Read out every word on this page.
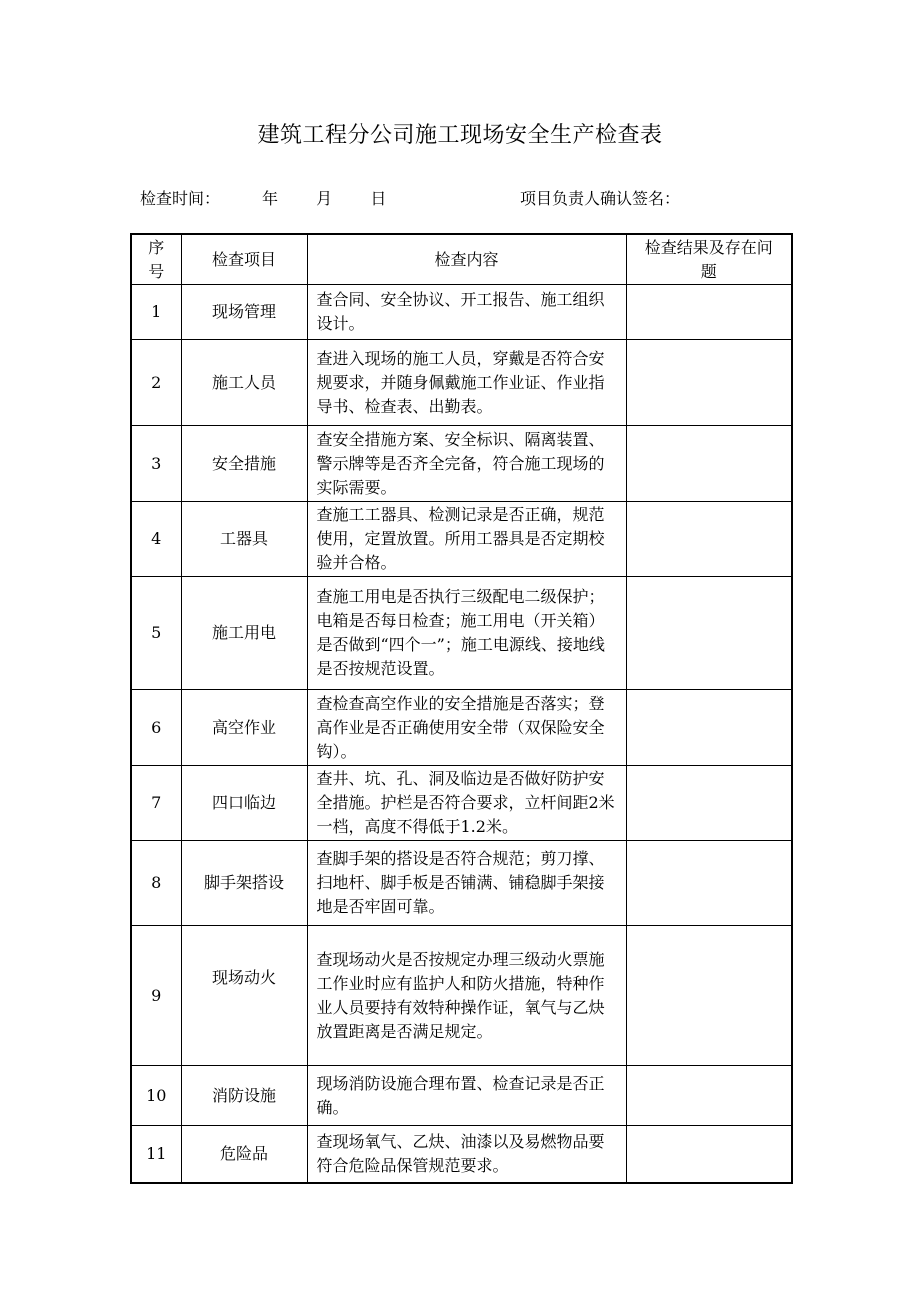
建筑工程分公司施工现场安全生产检查表
检查时间：	年  月  日	项目负责人确认签名：
序号	检查项目	检查内容	检查结果及存在问题
1	现场管理	查合同、安全协议、开工报告、施工组织设计。	
2	施工人员	查进入现场的施工人员，穿戴是否符合安规要求，并随身佩戴施工作业证、作业指导书、检查表、出勤表。	
3	安全措施	查安全措施方案、安全标识、隔离装置、警示牌等是否齐全完备，符合施工现场的实际需要。	
4	工器具	查施工工器具、检测记录是否正确，规范使用，定置放置。所用工器具是否定期校验并合格。	
5	施工用电	查施工用电是否执行三级配电二级保护；电箱是否每日检查；施工用电（开关箱）是否做到“四个一”；施工电源线、接地线是否按规范设置。	
6	高空作业	查检查高空作业的安全措施是否落实；登高作业是否正确使用安全带（双保险安全钩）。	
7	四口临边	查井、坑、孔、洞及临边是否做好防护安全措施。护栏是否符合要求，立杆间距2米一档，高度不得低于1.2米。	
8	脚手架搭设	查脚手架的搭设是否符合规范；剪刀撑、扫地杆、脚手板是否铺满、铺稳脚手架接地是否牢固可靠。	
9	现场动火	查现场动火是否按规定办理三级动火票施工作业时应有监护人和防火措施，特种作业人员要持有效特种操作证，氧气与乙炔放置距离是否满足规定。	
10	消防设施	现场消防设施合理布置、检查记录是否正确。	
11	危险品	查现场氧气、乙炔、油漆以及易燃物品要符合危险品保管规范要求。	
